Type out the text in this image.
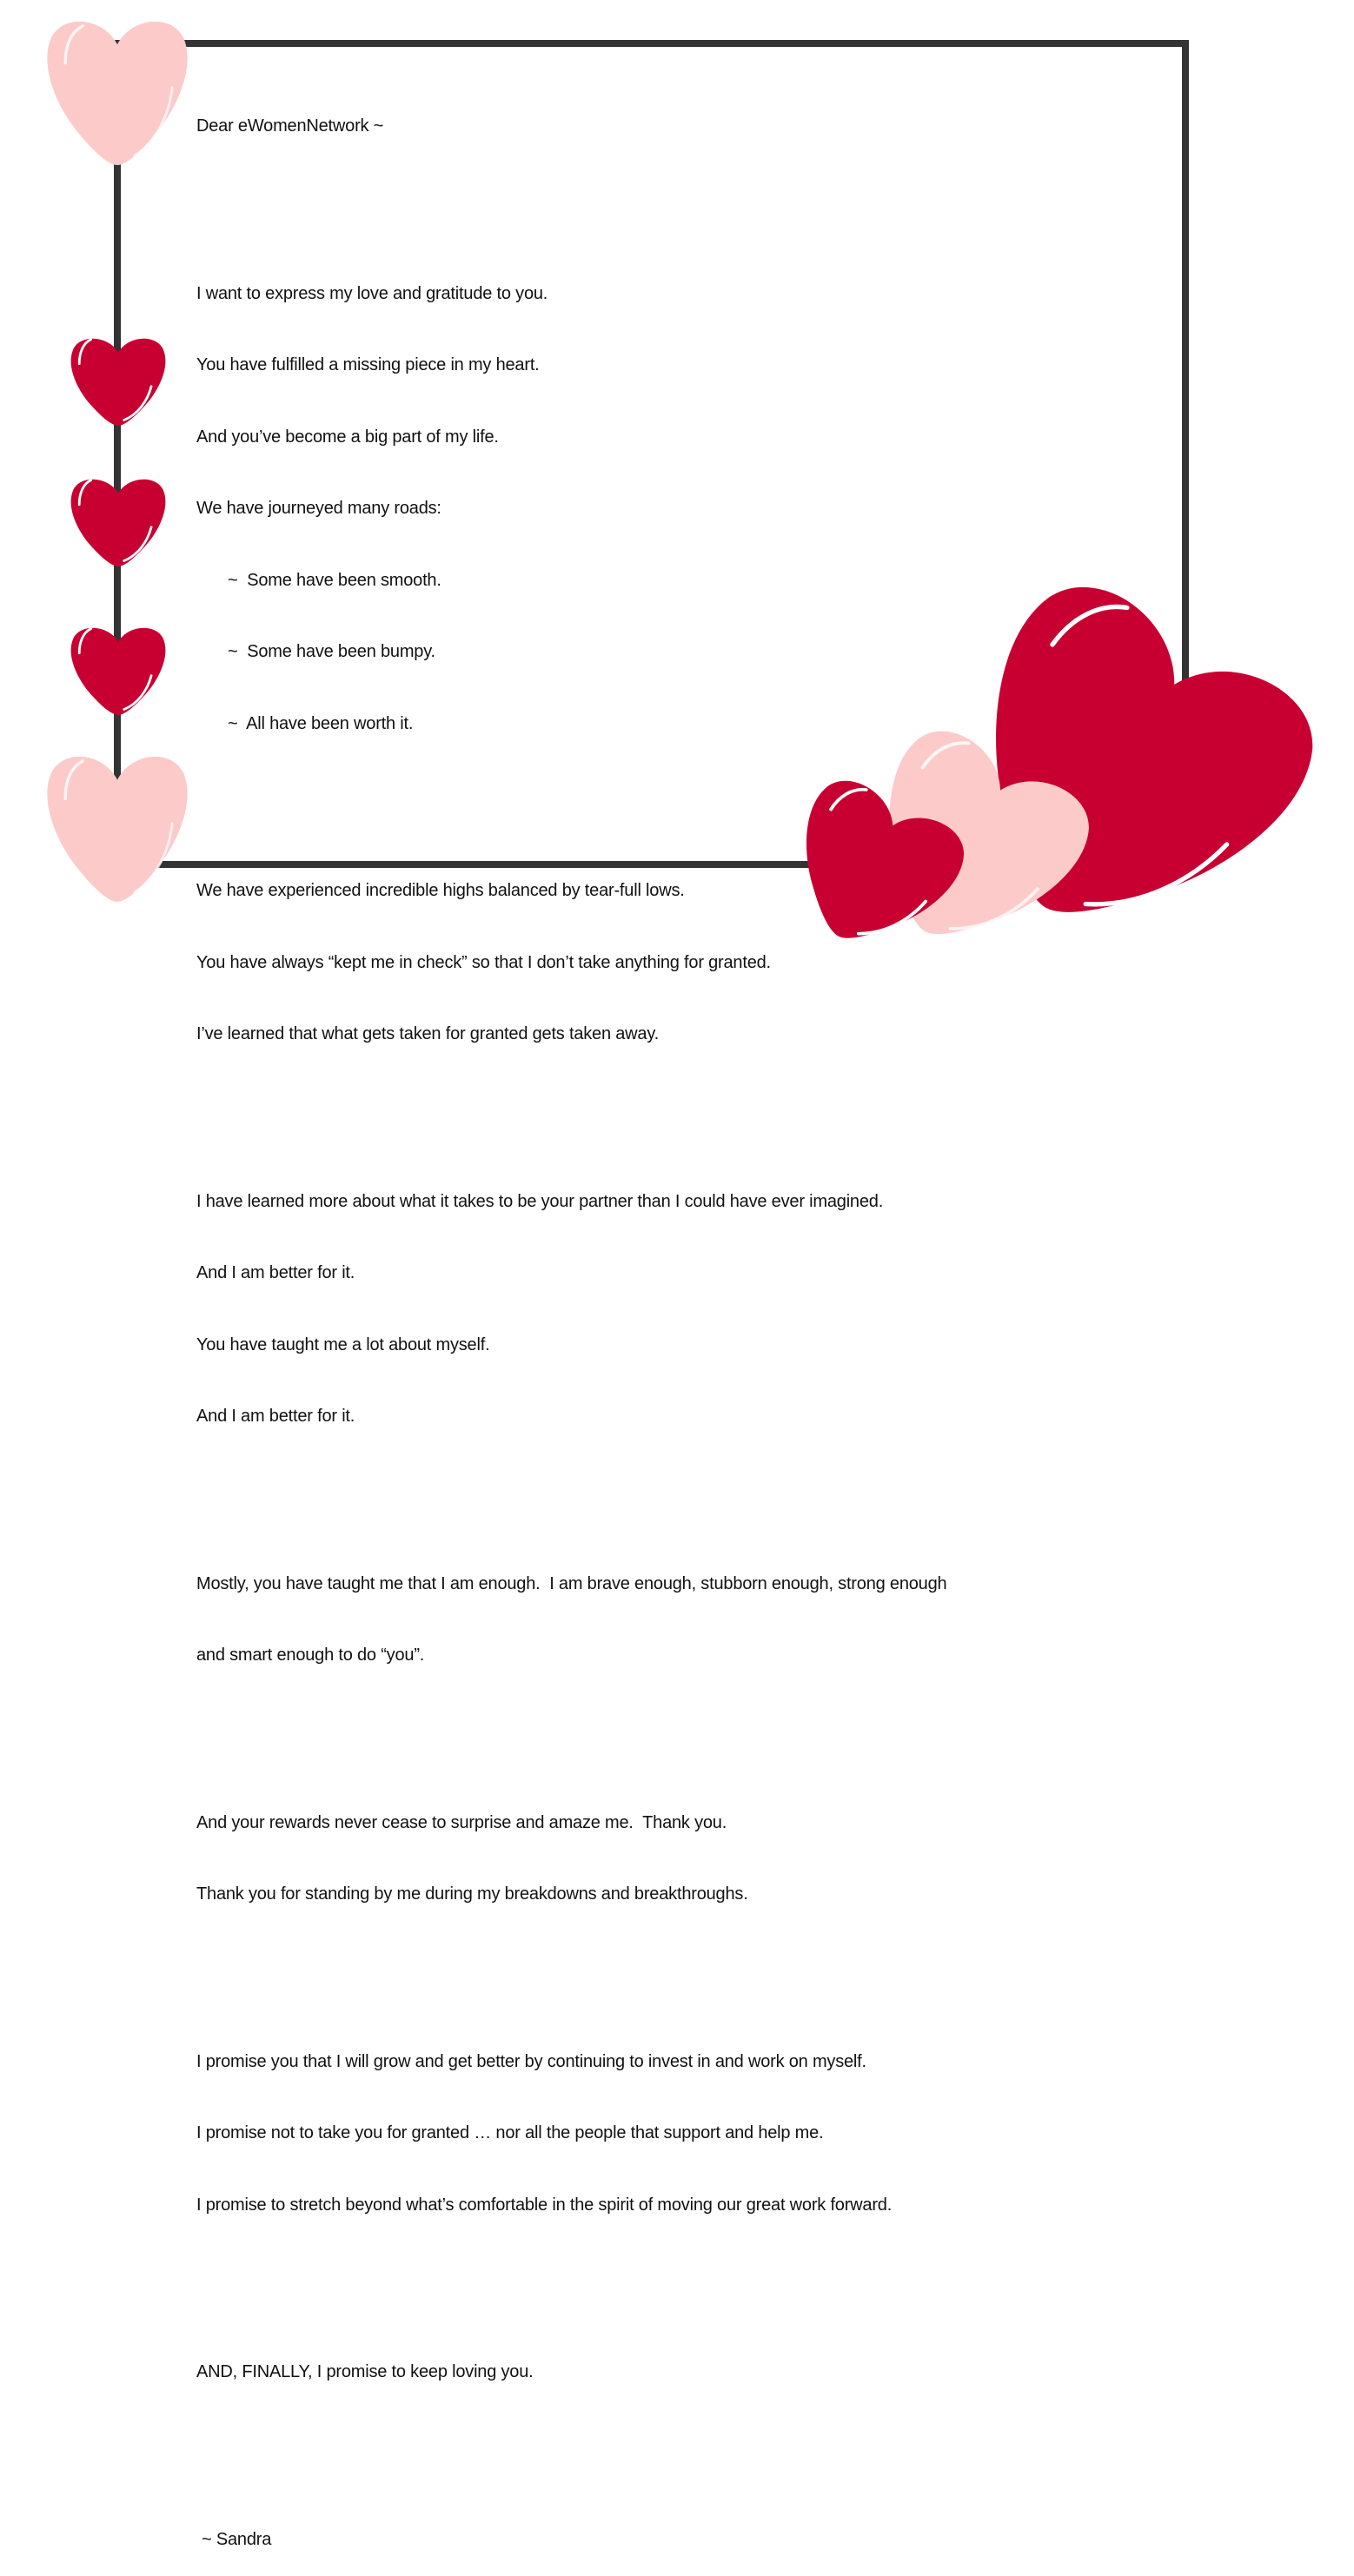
Dear eWomenNetwork ~

I want to express my love and gratitude to you.

You have fulfilled a missing piece in my heart.

And you’ve become a big part of my life.

We have journeyed many roads:

~  Some have been smooth.

~  Some have been bumpy.

~  All have been worth it.

We have experienced incredible highs balanced by tear-full lows.

You have always “kept me in check” so that I don’t take anything for granted.

I’ve learned that what gets taken for granted gets taken away.

I have learned more about what it takes to be your partner than I could have ever imagined.

And I am better for it.

You have taught me a lot about myself.

And I am better for it.

Mostly, you have taught me that I am enough.  I am brave enough, stubborn enough, strong enough

and smart enough to do “you”.

And your rewards never cease to surprise and amaze me.  Thank you.

Thank you for standing by me during my breakdowns and breakthroughs.

I promise you that I will grow and get better by continuing to invest in and work on myself.

I promise not to take you for granted … nor all the people that support and help me.

I promise to stretch beyond what’s comfortable in the spirit of moving our great work forward.

AND, FINALLY, I promise to keep loving you.

~ Sandra
